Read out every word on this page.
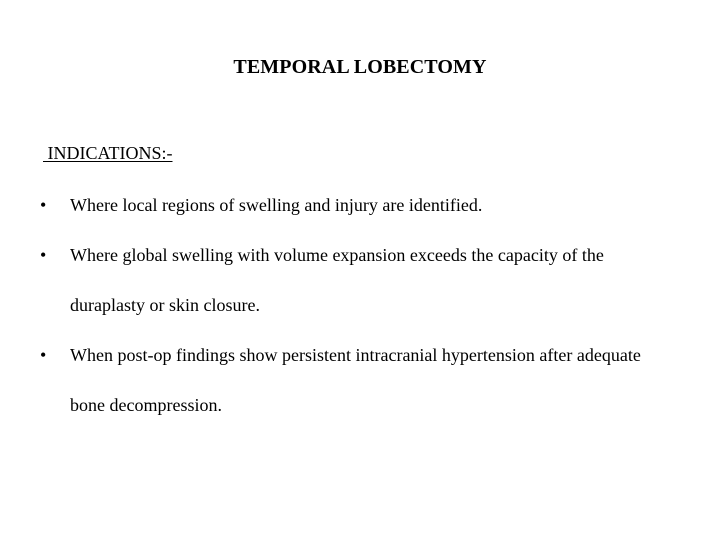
TEMPORAL LOBECTOMY
INDICATIONS:-
• Where local regions of swelling and injury are identified.
• Where global swelling with volume expansion exceeds the capacity of the duraplasty or skin closure.
• When post-op findings show persistent intracranial hypertension after adequate bone decompression.
